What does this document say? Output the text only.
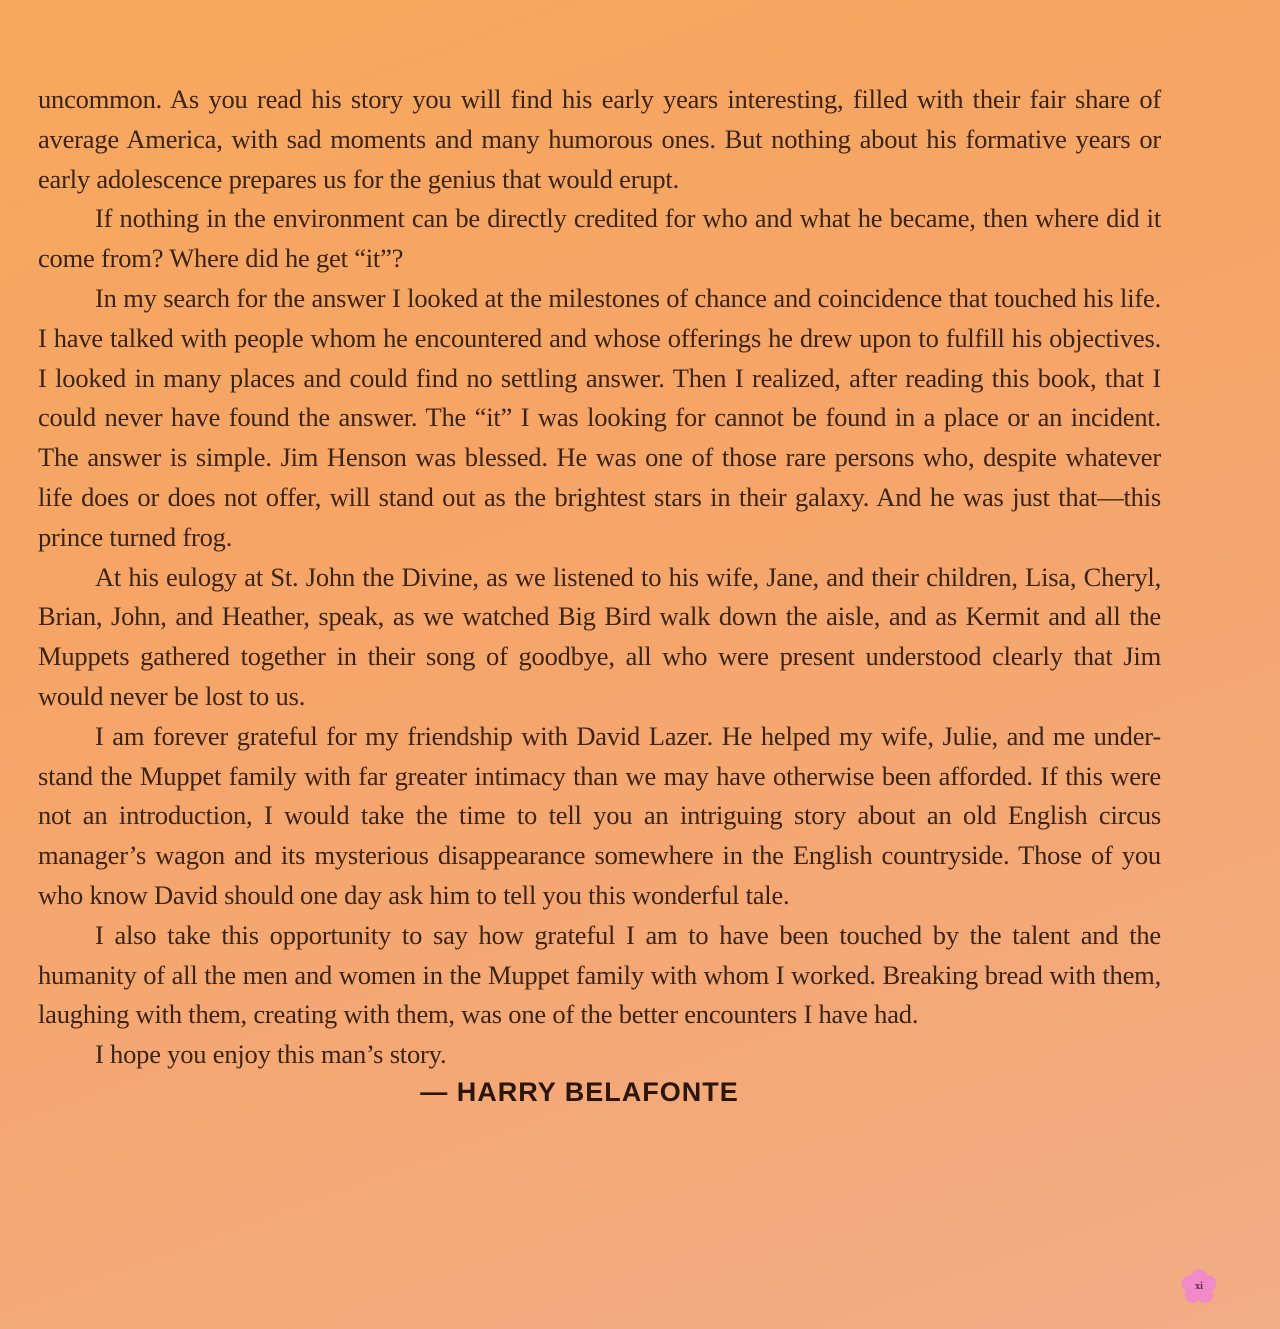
uncommon. As you read his story you will find his early years interesting, filled with their fair share of average America, with sad moments and many humorous ones. But nothing about his formative years or early adolescence prepares us for the genius that would erupt.

If nothing in the environment can be directly credited for who and what he became, then where did it come from? Where did he get “it”?

In my search for the answer I looked at the milestones of chance and coincidence that touched his life. I have talked with people whom he encountered and whose offerings he drew upon to fulfill his objectives. I looked in many places and could find no settling answer. Then I realized, after reading this book, that I could never have found the answer. The “it” I was looking for cannot be found in a place or an incident. The answer is simple. Jim Henson was blessed. He was one of those rare persons who, despite whatever life does or does not offer, will stand out as the brightest stars in their galaxy. And he was just that—this prince turned frog.

At his eulogy at St. John the Divine, as we listened to his wife, Jane, and their children, Lisa, Cheryl, Brian, John, and Heather, speak, as we watched Big Bird walk down the aisle, and as Kermit and all the Muppets gathered together in their song of goodbye, all who were present understood clearly that Jim would never be lost to us.

I am forever grateful for my friendship with David Lazer. He helped my wife, Julie, and me under-stand the Muppet family with far greater intimacy than we may have otherwise been afforded. If this were not an introduction, I would take the time to tell you an intriguing story about an old English circus manager’s wagon and its mysterious disappearance somewhere in the English countryside. Those of you who know David should one day ask him to tell you this wonderful tale.

I also take this opportunity to say how grateful I am to have been touched by the talent and the humanity of all the men and women in the Muppet family with whom I worked. Breaking bread with them, laughing with them, creating with them, was one of the better encounters I have had.

I hope you enjoy this man’s story.

— HARRY BELAFONTE

xi
